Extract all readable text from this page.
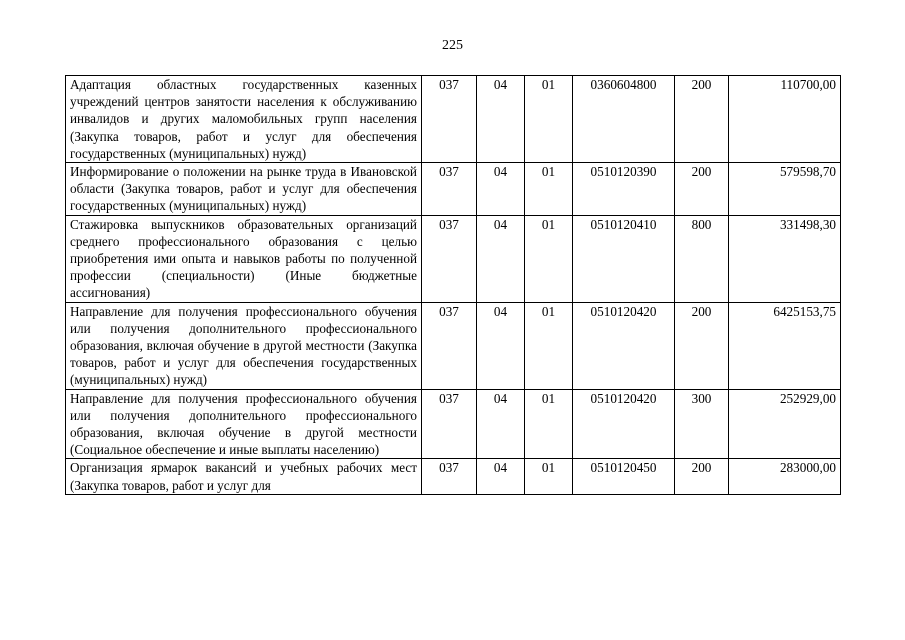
225
Адаптация областных государственных казенных учреждений центров занятости населения к обслуживанию инвалидов и других маломобильных групп населения (Закупка товаров, работ и услуг для обеспечения государственных (муниципальных) нужд)	037	04	01	0360604800	200	110700,00
Информирование о положении на рынке труда в Ивановской области (Закупка товаров, работ и услуг для обеспечения государственных (муниципальных) нужд)	037	04	01	0510120390	200	579598,70
Стажировка выпускников образовательных организаций среднего профессионального образования с целью приобретения ими опыта и навыков работы по полученной профессии (специальности) (Иные бюджетные ассигнования)	037	04	01	0510120410	800	331498,30
Направление для получения профессионального обучения или получения дополнительного профессионального образования, включая обучение в другой местности (Закупка товаров, работ и услуг для обеспечения государственных (муниципальных) нужд)	037	04	01	0510120420	200	6425153,75
Направление для получения профессионального обучения или получения дополнительного профессионального образования, включая обучение в другой местности (Социальное обеспечение и иные выплаты населению)	037	04	01	0510120420	300	252929,00
Организация ярмарок вакансий и учебных рабочих мест (Закупка товаров, работ и услуг для	037	04	01	0510120450	200	283000,00
